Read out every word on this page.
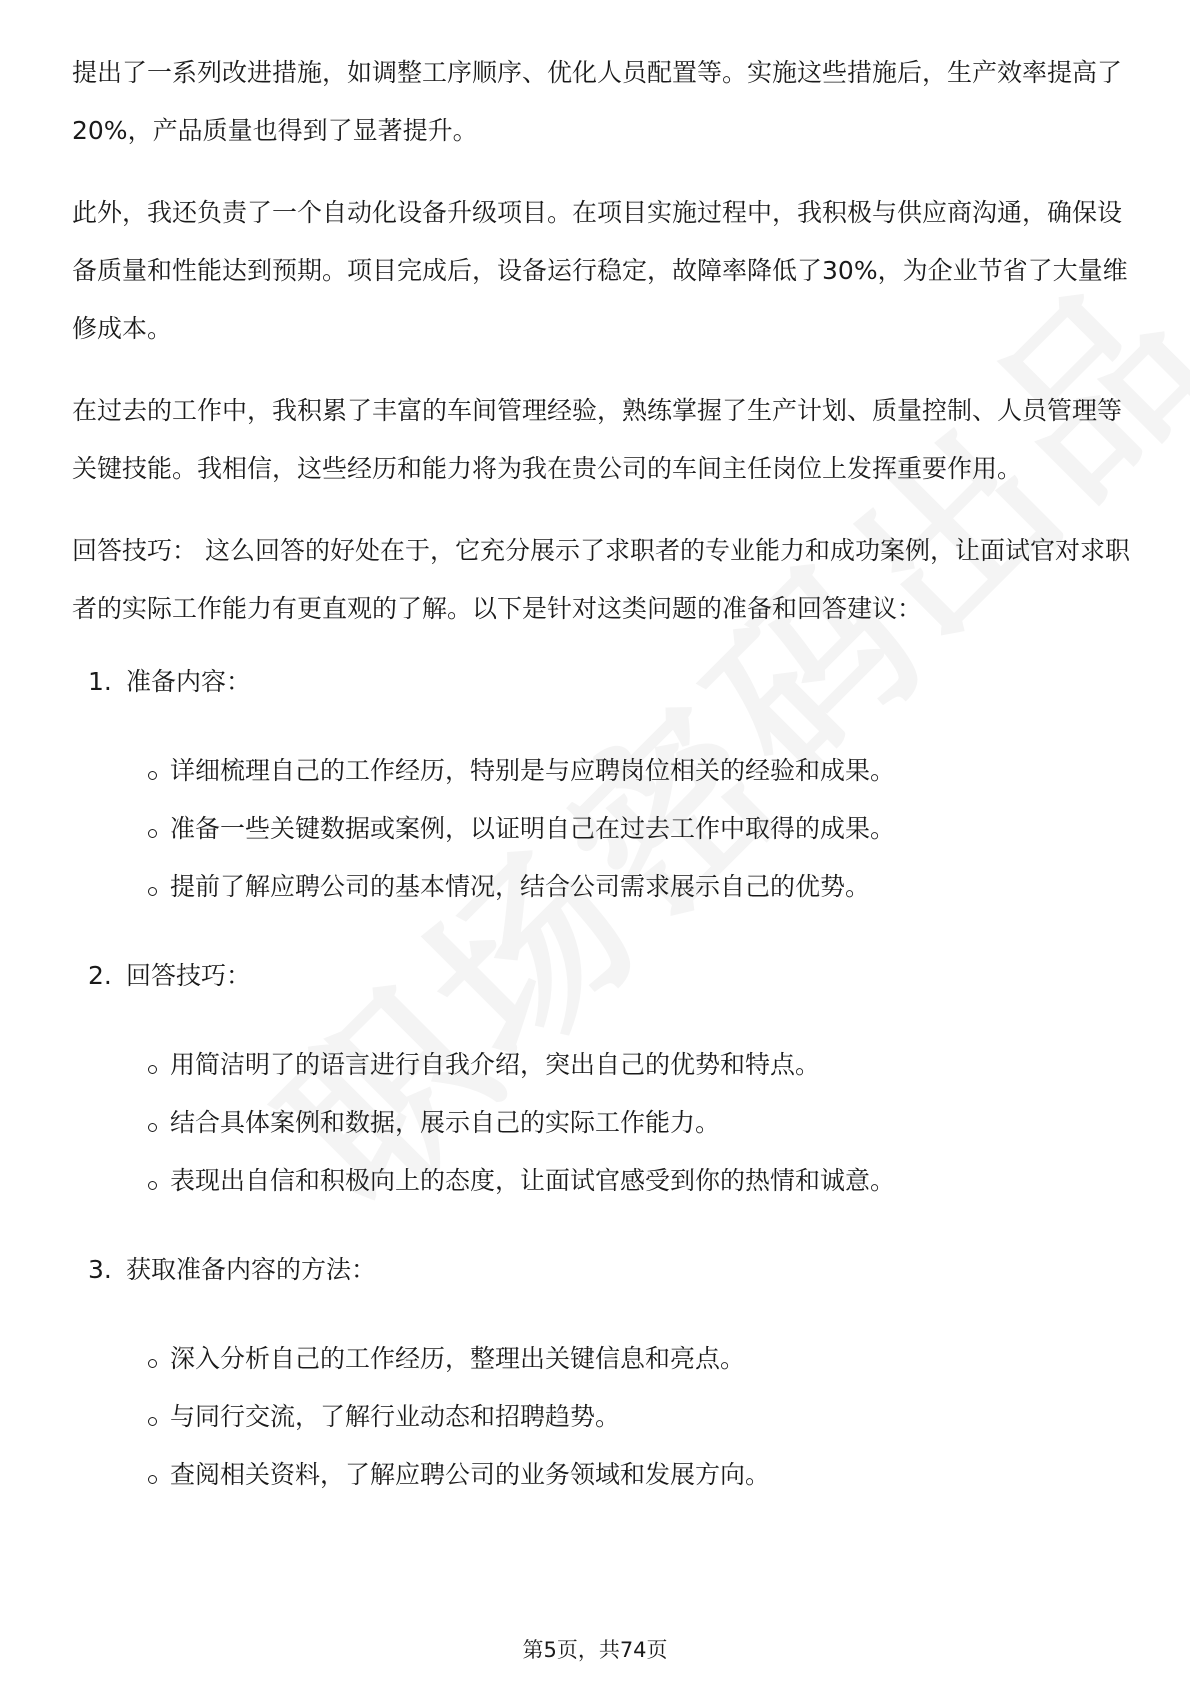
提出了一系列改进措施，如调整工序顺序、优化人员配置等。实施这些措施后，生产效率提高了20%，产品质量也得到了显著提升。

此外，我还负责了一个自动化设备升级项目。在项目实施过程中，我积极与供应商沟通，确保设备质量和性能达到预期。项目完成后，设备运行稳定，故障率降低了30%，为企业节省了大量维修成本。

在过去的工作中，我积累了丰富的车间管理经验，熟练掌握了生产计划、质量控制、人员管理等关键技能。我相信，这些经历和能力将为我在贵公司的车间主任岗位上发挥重要作用。

回答技巧： 这么回答的好处在于，它充分展示了求职者的专业能力和成功案例，让面试官对求职者的实际工作能力有更直观的了解。以下是针对这类问题的准备和回答建议：

1. 准备内容：
详细梳理自己的工作经历，特别是与应聘岗位相关的经验和成果。
准备一些关键数据或案例，以证明自己在过去工作中取得的成果。
提前了解应聘公司的基本情况，结合公司需求展示自己的优势。
2. 回答技巧：
用简洁明了的语言进行自我介绍，突出自己的优势和特点。
结合具体案例和数据，展示自己的实际工作能力。
表现出自信和积极向上的态度，让面试官感受到你的热情和诚意。
3. 获取准备内容的方法：
深入分析自己的工作经历，整理出关键信息和亮点。
与同行交流，了解行业动态和招聘趋势。
查阅相关资料，了解应聘公司的业务领域和发展方向。
第5页，共74页
